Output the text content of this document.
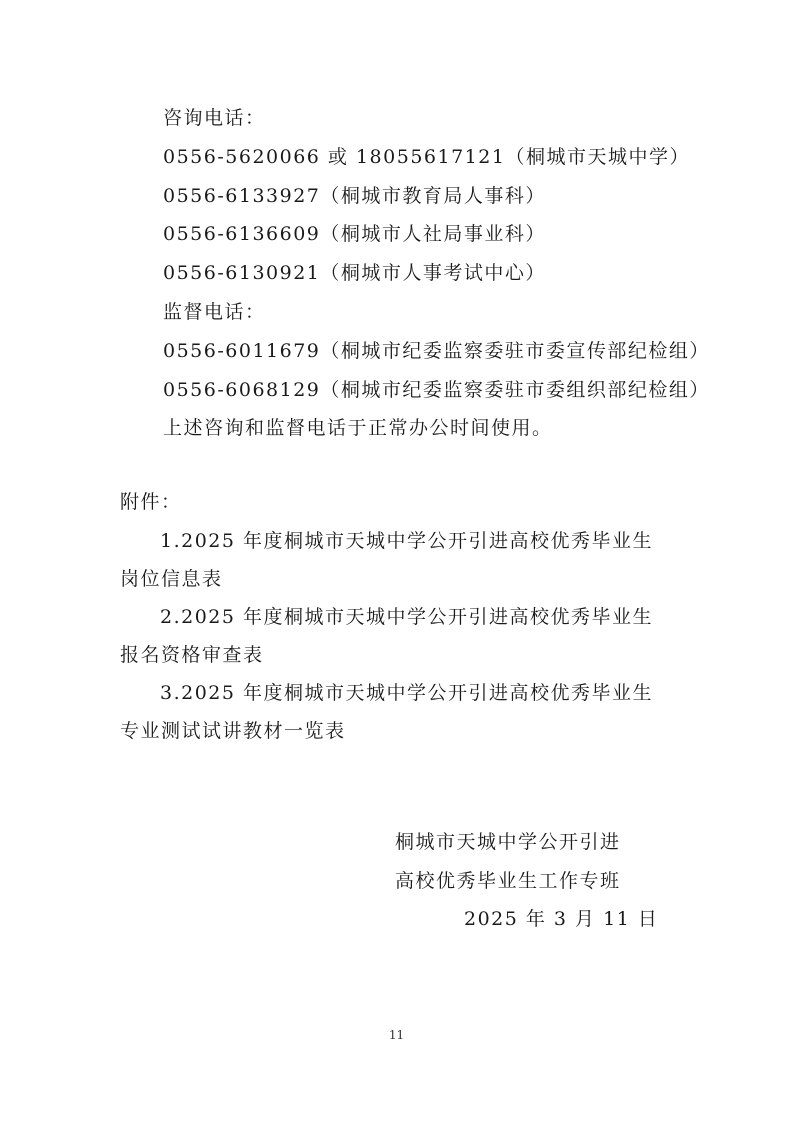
咨询电话：
0556-5620066 或 18055617121（桐城市天城中学）
0556-6133927（桐城市教育局人事科）
0556-6136609（桐城市人社局事业科）
0556-6130921（桐城市人事考试中心）
监督电话：
0556-6011679（桐城市纪委监察委驻市委宣传部纪检组）
0556-6068129（桐城市纪委监察委驻市委组织部纪检组）
上述咨询和监督电话于正常办公时间使用。
附件：
1.2025 年度桐城市天城中学公开引进高校优秀毕业生
岗位信息表
2.2025 年度桐城市天城中学公开引进高校优秀毕业生
报名资格审查表
3.2025 年度桐城市天城中学公开引进高校优秀毕业生
专业测试试讲教材一览表
桐城市天城中学公开引进
高校优秀毕业生工作专班
2025 年 3 月 11 日
11
